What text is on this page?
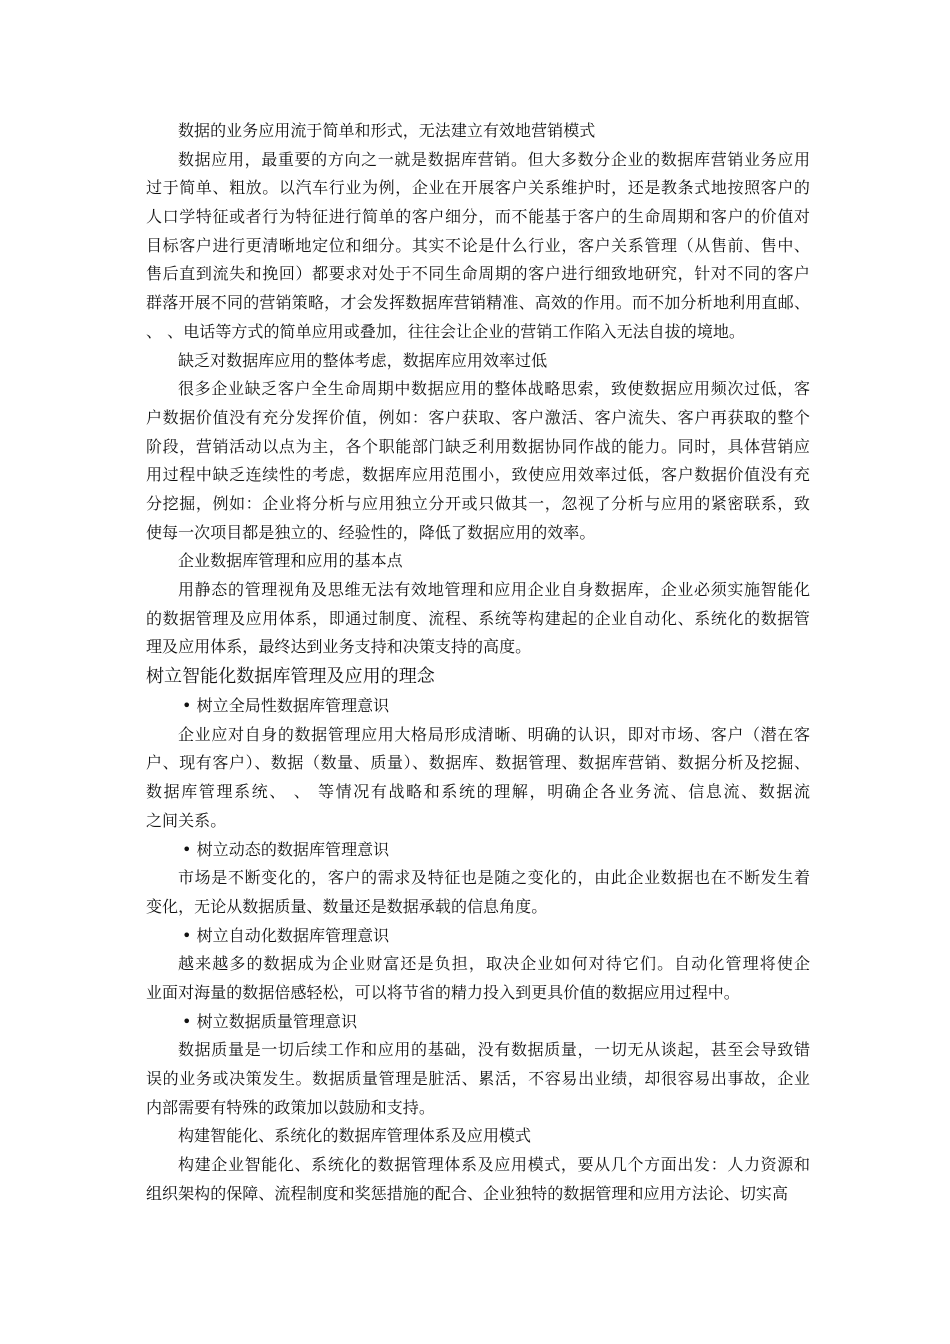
数据的业务应用流于简单和形式，无法建立有效地营销模式
数据应用，最重要的方向之一就是数据库营销。但大多数分企业的数据库营销业务应用
过于简单、粗放。以汽车行业为例，企业在开展客户关系维护时，还是教条式地按照客户的
人口学特征或者行为特征进行简单的客户细分，而不能基于客户的生命周期和客户的价值对
目标客户进行更清晰地定位和细分。其实不论是什么行业，客户关系管理（从售前、售中、
售后直到流失和挽回）都要求对处于不同生命周期的客户进行细致地研究，针对不同的客户
群落开展不同的营销策略，才会发挥数据库营销精准、高效的作用。而不加分析地利用直邮、
、 、电话等方式的简单应用或叠加，往往会让企业的营销工作陷入无法自拔的境地。
缺乏对数据库应用的整体考虑，数据库应用效率过低
很多企业缺乏客户全生命周期中数据应用的整体战略思索，致使数据应用频次过低，客
户数据价值没有充分发挥价值，例如：客户获取、客户激活、客户流失、客户再获取的整个
阶段，营销活动以点为主，各个职能部门缺乏利用数据协同作战的能力。同时，具体营销应
用过程中缺乏连续性的考虑，数据库应用范围小，致使应用效率过低，客户数据价值没有充
分挖掘，例如：企业将分析与应用独立分开或只做其一，忽视了分析与应用的紧密联系，致
使每一次项目都是独立的、经验性的，降低了数据应用的效率。
企业数据库管理和应用的基本点
用静态的管理视角及思维无法有效地管理和应用企业自身数据库，企业必须实施智能化
的数据管理及应用体系，即通过制度、流程、系统等构建起的企业自动化、系统化的数据管
理及应用体系，最终达到业务支持和决策支持的高度。
树立智能化数据库管理及应用的理念
• 树立全局性数据库管理意识
企业应对自身的数据管理应用大格局形成清晰、明确的认识，即对市场、客户（潜在客
户、现有客户）、数据（数量、质量）、数据库、数据管理、数据库营销、数据分析及挖掘、
数据库管理系统、 、 等情况有战略和系统的理解，明确企各业务流、信息流、数据流
之间关系。
• 树立动态的数据库管理意识
市场是不断变化的，客户的需求及特征也是随之变化的，由此企业数据也在不断发生着
变化，无论从数据质量、数量还是数据承载的信息角度。
• 树立自动化数据库管理意识
越来越多的数据成为企业财富还是负担，取决企业如何对待它们。自动化管理将使企
业面对海量的数据倍感轻松，可以将节省的精力投入到更具价值的数据应用过程中。
• 树立数据质量管理意识
数据质量是一切后续工作和应用的基础，没有数据质量，一切无从谈起，甚至会导致错
误的业务或决策发生。数据质量管理是脏活、累活，不容易出业绩，却很容易出事故，企业
内部需要有特殊的政策加以鼓励和支持。
构建智能化、系统化的数据库管理体系及应用模式
构建企业智能化、系统化的数据管理体系及应用模式，要从几个方面出发：人力资源和
组织架构的保障、流程制度和奖惩措施的配合、企业独特的数据管理和应用方法论、切实高
